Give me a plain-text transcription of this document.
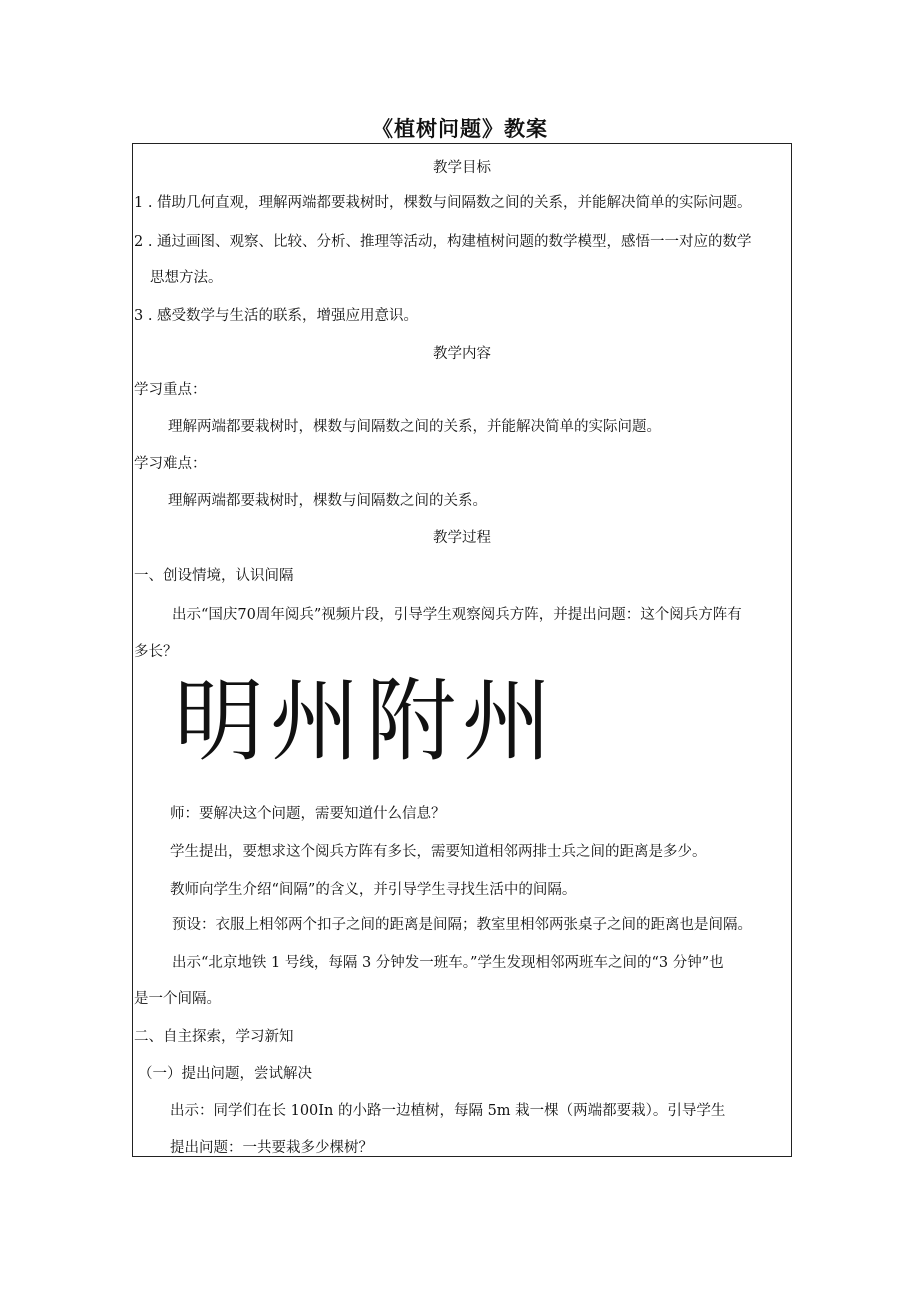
《植树问题》教案
教学目标
1 . 借助几何直观，理解两端都要栽树时，棵数与间隔数之间的关系，并能解决简单的实际问题。
2 . 通过画图、观察、比较、分析、推理等活动，构建植树问题的数学模型，感悟一一对应的数学
思想方法。
3 . 感受数学与生活的联系，增强应用意识。
教学内容
学习重点：
理解两端都要栽树时，棵数与间隔数之间的关系，并能解决简单的实际问题。
学习难点：
理解两端都要栽树时，棵数与间隔数之间的关系。
教学过程
一、创设情境，认识间隔
出示“国庆70周年阅兵”视频片段，引导学生观察阅兵方阵，并提出问题：这个阅兵方阵有
多长？
明州附州
师：要解决这个问题，需要知道什么信息？
学生提出，要想求这个阅兵方阵有多长，需要知道相邻两排士兵之间的距离是多少。
教师向学生介绍“间隔”的含义，并引导学生寻找生活中的间隔。
预设：衣服上相邻两个扣子之间的距离是间隔；教室里相邻两张桌子之间的距离也是间隔。
出示“北京地铁 1 号线，每隔 3 分钟发一班车。”学生发现相邻两班车之间的“3 分钟”也
是一个间隔。
二、自主探索，学习新知
（一）提出问题，尝试解决
出示：同学们在长 100In 的小路一边植树，每隔 5m 栽一棵（两端都要栽）。引导学生
提出问题：一共要栽多少棵树？
